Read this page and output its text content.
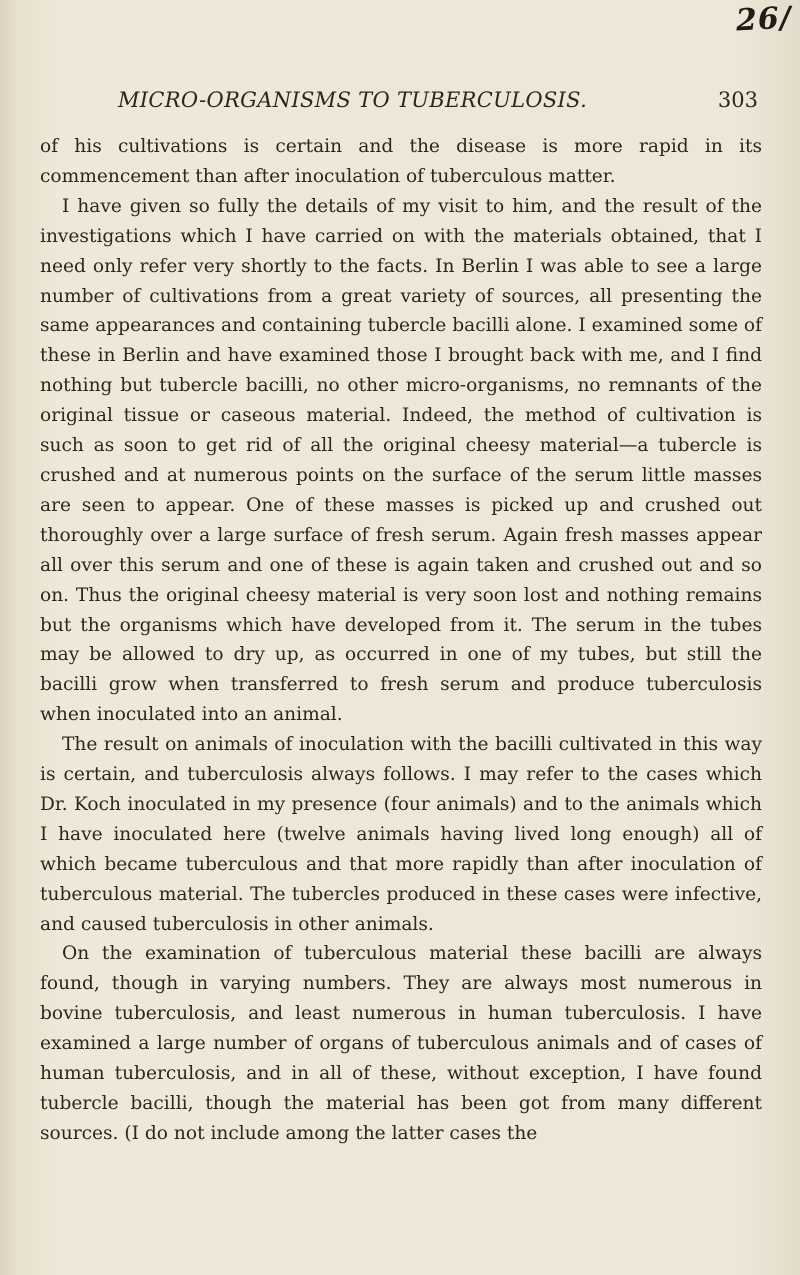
26/
MICRO-ORGANISMS TO TUBERCULOSIS.	303

of his cultivations is certain and the disease is more rapid in its commencement than after inoculation of tuberculous matter.

I have given so fully the details of my visit to him, and the result of the investigations which I have carried on with the materials obtained, that I need only refer very shortly to the facts. In Berlin I was able to see a large number of cultivations from a great variety of sources, all presenting the same appearances and containing tubercle bacilli alone. I examined some of these in Berlin and have examined those I brought back with me, and I find nothing but tubercle bacilli, no other micro-organisms, no remnants of the original tissue or caseous material. Indeed, the method of cultivation is such as soon to get rid of all the original cheesy material—a tubercle is crushed and at numerous points on the surface of the serum little masses are seen to appear. One of these masses is picked up and crushed out thoroughly over a large surface of fresh serum. Again fresh masses appear all over this serum and one of these is again taken and crushed out and so on. Thus the original cheesy material is very soon lost and nothing remains but the organisms which have developed from it. The serum in the tubes may be allowed to dry up, as occurred in one of my tubes, but still the bacilli grow when transferred to fresh serum and produce tuberculosis when inoculated into an animal.

The result on animals of inoculation with the bacilli cultivated in this way is certain, and tuberculosis always follows. I may refer to the cases which Dr. Koch inoculated in my presence (four animals) and to the animals which I have inoculated here (twelve animals having lived long enough) all of which became tuberculous and that more rapidly than after inoculation of tuberculous material. The tubercles produced in these cases were infective, and caused tuberculosis in other animals.

On the examination of tuberculous material these bacilli are always found, though in varying numbers. They are always most numerous in bovine tuberculosis, and least numerous in human tuberculosis. I have examined a large number of organs of tuberculous animals and of cases of human tuberculosis, and in all of these, without exception, I have found tubercle bacilli, though the material has been got from many different sources. (I do not include among the latter cases the
